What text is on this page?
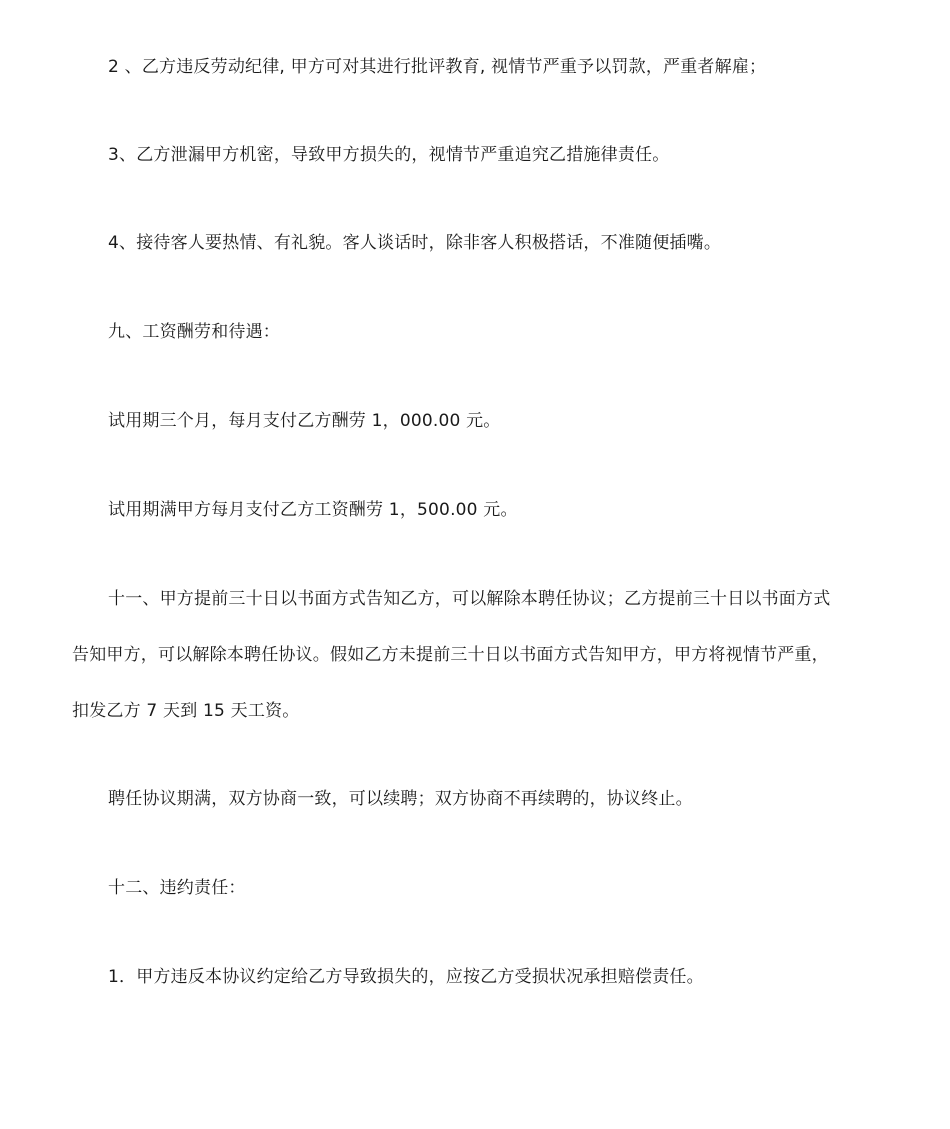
2 、乙方违反劳动纪律, 甲方可对其进行批评教育, 视情节严重予以罚款，严重者解雇；
3、乙方泄漏甲方机密，导致甲方损失的，视情节严重追究乙措施律责任。
4、接待客人要热情、有礼貌。客人谈话时，除非客人积极搭话，不准随便插嘴。
九、工资酬劳和待遇：
试用期三个月，每月支付乙方酬劳 1，000.00 元。
试用期满甲方每月支付乙方工资酬劳 1，500.00 元。
十一、甲方提前三十日以书面方式告知乙方，可以解除本聘任协议；乙方提前三十日以书面方式
告知甲方，可以解除本聘任协议。假如乙方未提前三十日以书面方式告知甲方，甲方将视情节严重，
扣发乙方 7 天到 15 天工资。
聘任协议期满，双方协商一致，可以续聘；双方协商不再续聘的，协议终止。
十二、违约责任：
1．甲方违反本协议约定给乙方导致损失的，应按乙方受损状况承担赔偿责任。
